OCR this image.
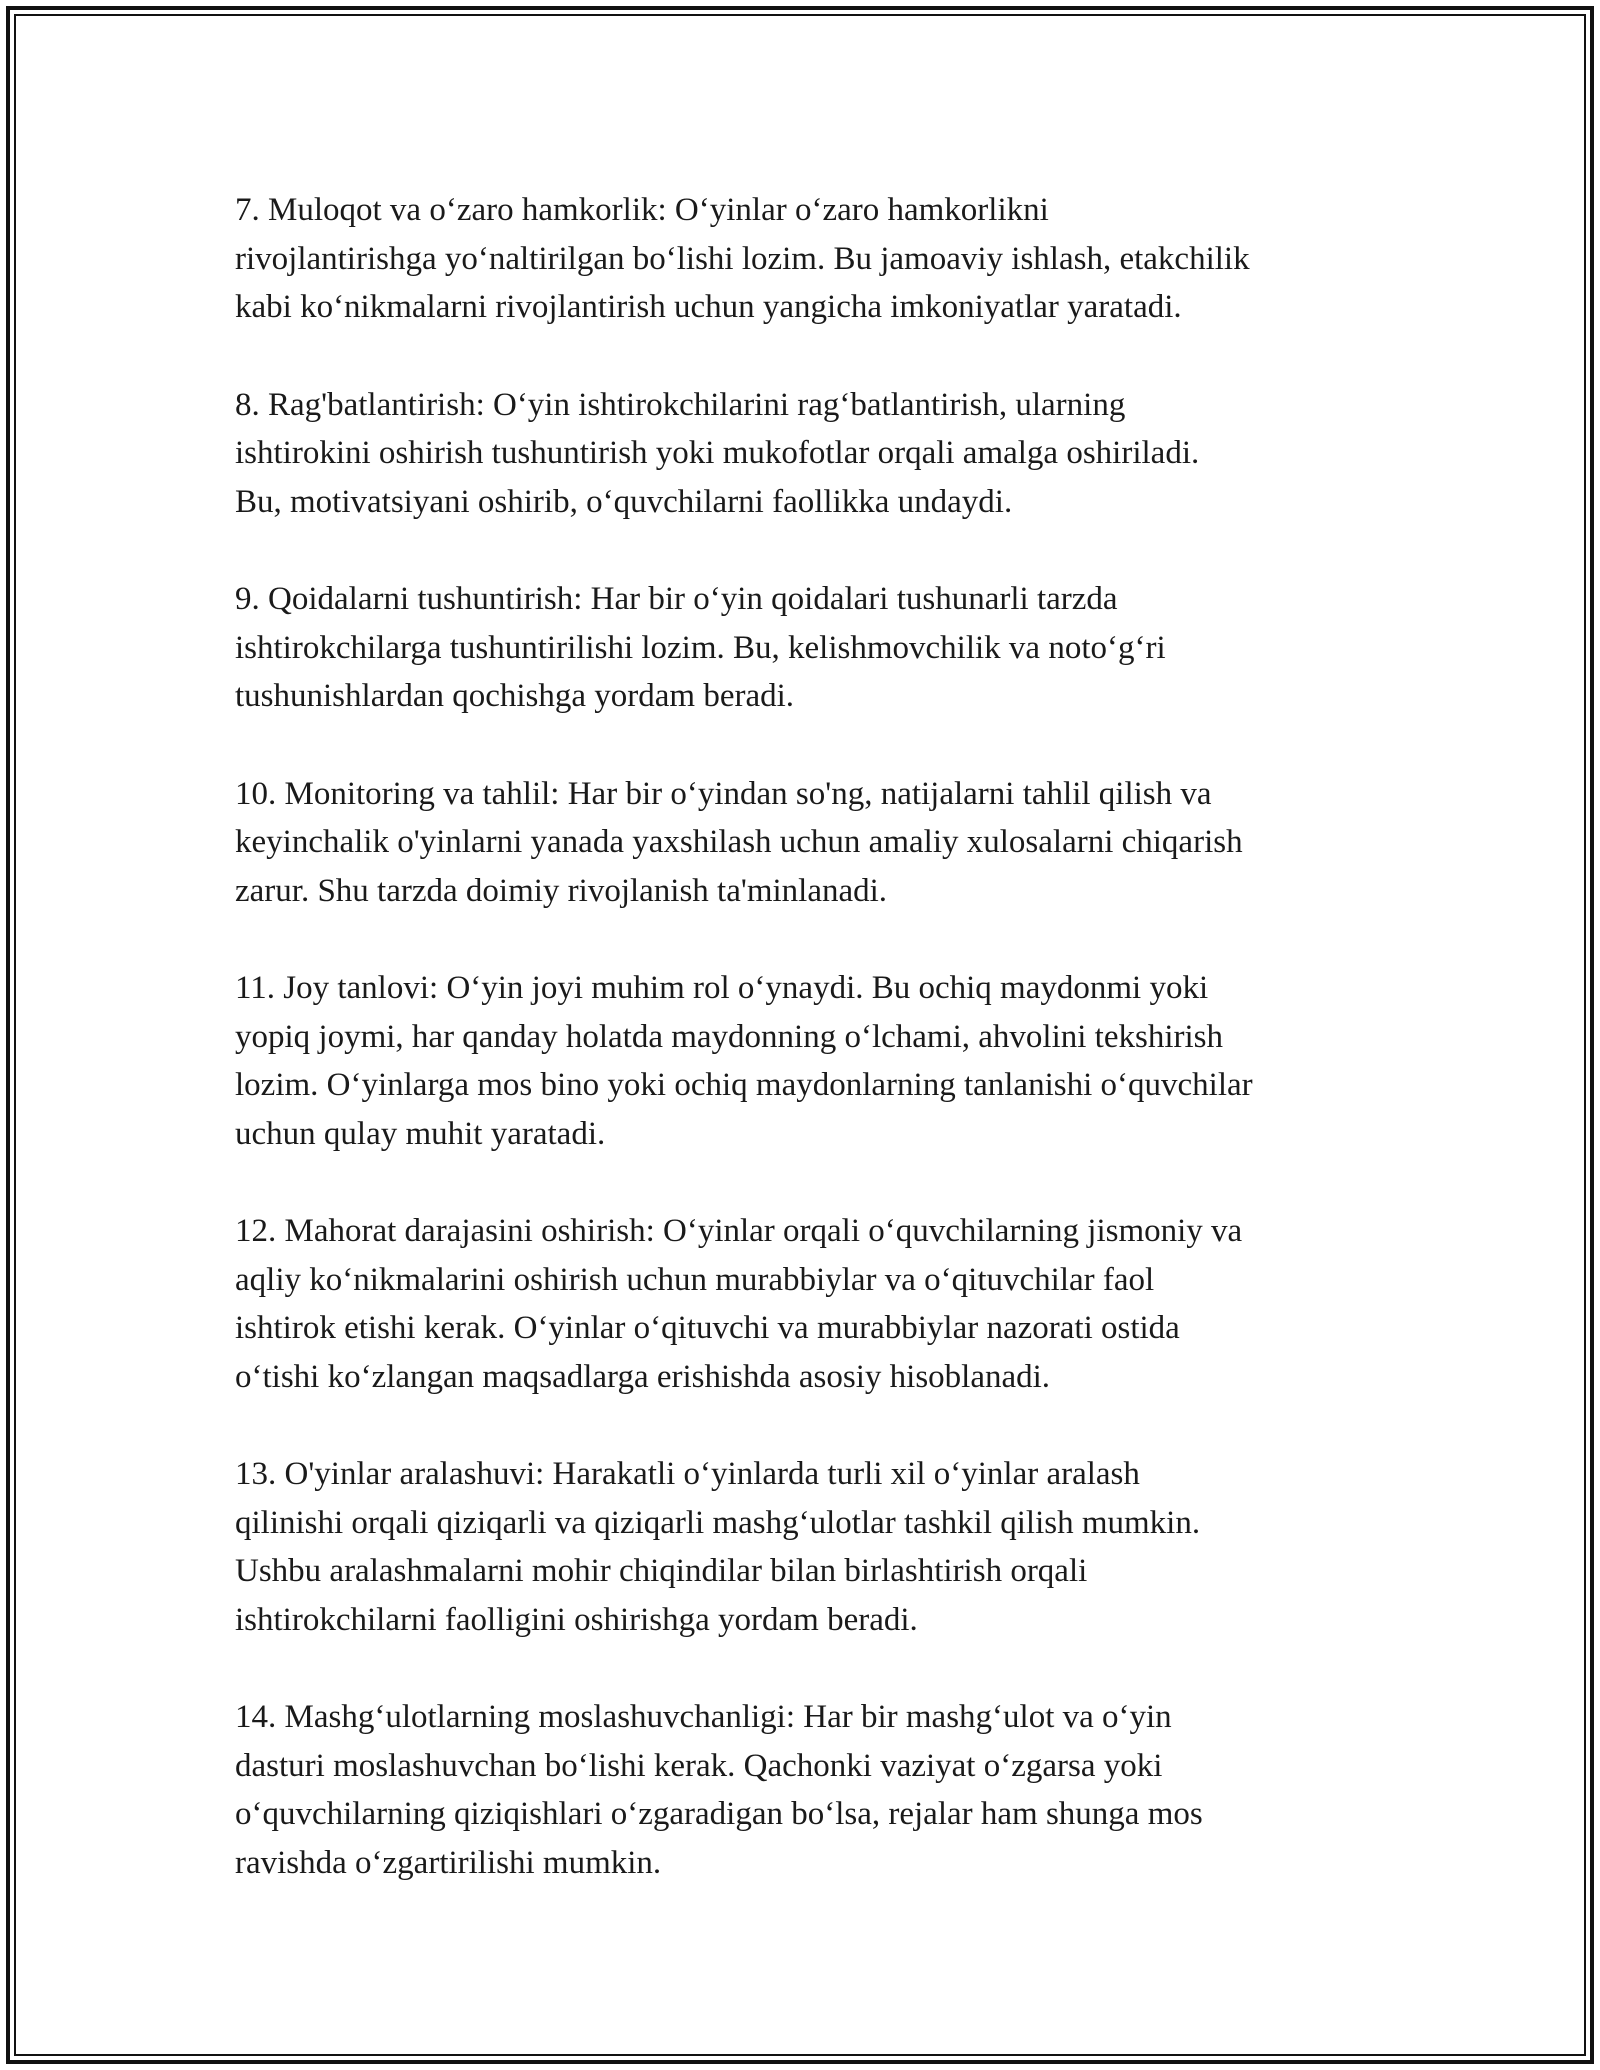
7. Muloqot va o‘zaro hamkorlik: O‘yinlar o‘zaro hamkorlikni
rivojlantirishga yo‘naltirilgan bo‘lishi lozim. Bu jamoaviy ishlash, etakchilik
kabi ko‘nikmalarni rivojlantirish uchun yangicha imkoniyatlar yaratadi.

8. Rag'batlantirish: O‘yin ishtirokchilarini rag‘batlantirish, ularning
ishtirokini oshirish tushuntirish yoki mukofotlar orqali amalga oshiriladi.
Bu, motivatsiyani oshirib, o‘quvchilarni faollikka undaydi.

9. Qoidalarni tushuntirish: Har bir o‘yin qoidalari tushunarli tarzda
ishtirokchilarga tushuntirilishi lozim. Bu, kelishmovchilik va noto‘g‘ri
tushunishlardan qochishga yordam beradi.

10. Monitoring va tahlil: Har bir o‘yindan so'ng, natijalarni tahlil qilish va
keyinchalik o'yinlarni yanada yaxshilash uchun amaliy xulosalarni chiqarish
zarur. Shu tarzda doimiy rivojlanish ta'minlanadi.

11. Joy tanlovi: O‘yin joyi muhim rol o‘ynaydi. Bu ochiq maydonmi yoki
yopiq joymi, har qanday holatda maydonning o‘lchami, ahvolini tekshirish
lozim. O‘yinlarga mos bino yoki ochiq maydonlarning tanlanishi o‘quvchilar
uchun qulay muhit yaratadi.

12. Mahorat darajasini oshirish: O‘yinlar orqali o‘quvchilarning jismoniy va
aqliy ko‘nikmalarini oshirish uchun murabbiylar va o‘qituvchilar faol
ishtirok etishi kerak. O‘yinlar o‘qituvchi va murabbiylar nazorati ostida
o‘tishi ko‘zlangan maqsadlarga erishishda asosiy hisoblanadi.

13. O'yinlar aralashuvi: Harakatli o‘yinlarda turli xil o‘yinlar aralash
qilinishi orqali qiziqarli va qiziqarli mashg‘ulotlar tashkil qilish mumkin.
Ushbu aralashmalarni mohir chiqindilar bilan birlashtirish orqali
ishtirokchilarni faolligini oshirishga yordam beradi.

14. Mashg‘ulotlarning moslashuvchanligi: Har bir mashg‘ulot va o‘yin
dasturi moslashuvchan bo‘lishi kerak. Qachonki vaziyat o‘zgarsa yoki
o‘quvchilarning qiziqishlari o‘zgaradigan bo‘lsa, rejalar ham shunga mos
ravishda o‘zgartirilishi mumkin.
